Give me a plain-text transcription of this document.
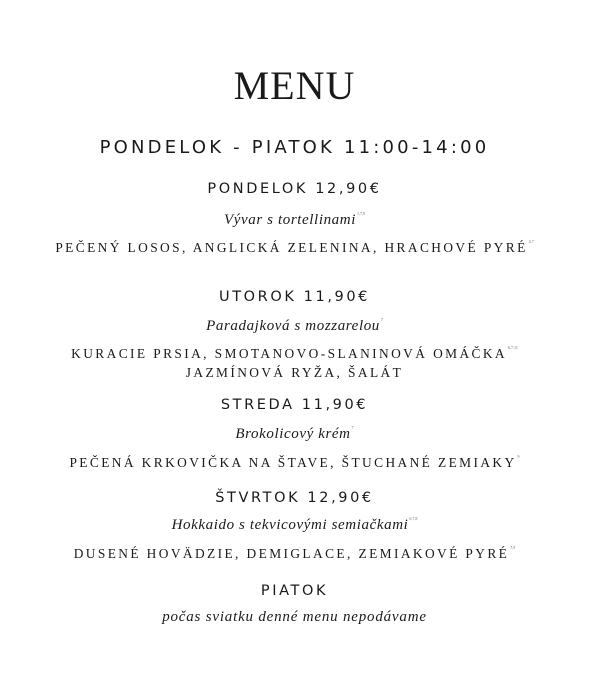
MENU
PONDELOK - PIATOK 11:00-14:00
PONDELOK 12,90€
Vývar s tortellinami$^{1,7,9}$
PEČENÝ LOSOS, ANGLICKÁ ZELENINA, HRACHOVÉ PYRÉ$^{4,7}$
UTOROK 11,90€
Paradajková s mozzarelou$^7$
KURACIE PRSIA, SMOTANOVO-SLANINOVÁ OMÁČKA$^{6,7,11}$
JAZMÍNOVÁ RYŽA, ŠALÁT
STREDA 11,90€
Brokolicový krém$^7$
PEČENÁ KRKOVIČKA NA ŠTAVE, ŠTUCHANÉ ZEMIAKY$^9$
ŠTVRTOK 12,90€
Hokkaido s tekvicovými semiačkami$^{6,7,8}$
DUSENÉ HOVÄDZIE, DEMIGLACE, ZEMIAKOVÉ PYRÉ$^{7,9}$
PIATOK
počas sviatku denné menu nepodávame
